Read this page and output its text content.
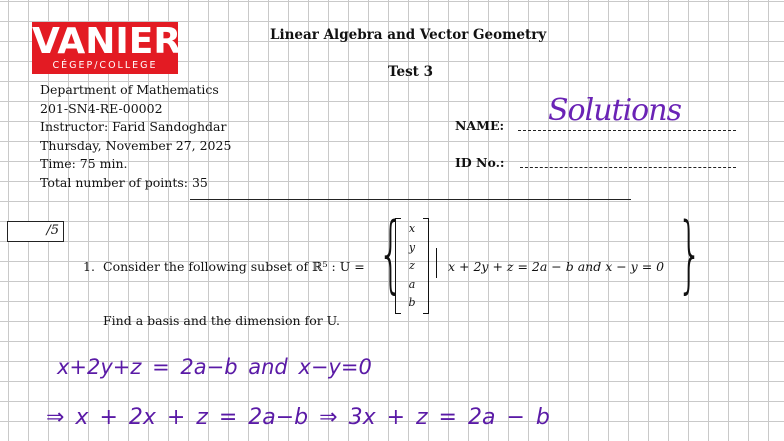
VANIER
CÉGEP/COLLEGE
Linear Algebra and Vector Geometry
Test 3
Department of Mathematics
201-SN4-RE-00002
Instructor: Farid Sandoghdar
Thursday, November 27, 2025
Time: 75 min.
Total number of points: 35
NAME: Solutions
ID No.:
/5
1. Consider the following subset of ℝ⁵ : U = { x
y
z
a
b
x + 2y + z = 2a − b and x − y = 0 }
Find a basis and the dimension for U.
x+2y+z = 2a−b and x−y=0
⇒ x + 2x + z = 2a−b ⇒ 3x + z = 2a − b
